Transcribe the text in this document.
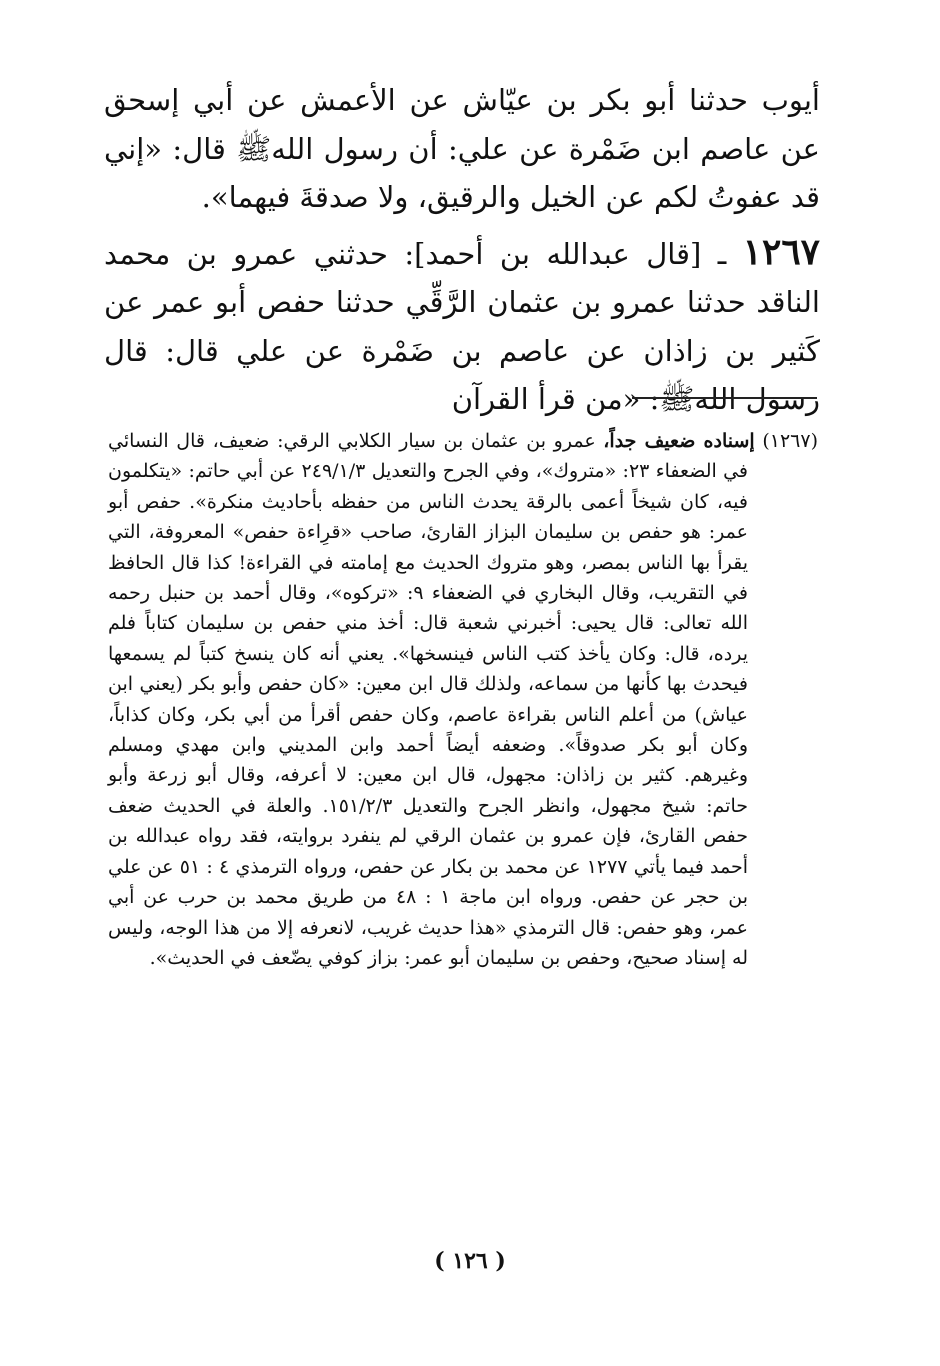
أيوب حدثنا أبو بكر بن عيّاش عن الأعمش عن أبي إسحق عن عاصم ابن ضَمْرة عن علي: أن رسول اللهﷺ قال: «إني قد عفوتُ لكم عن الخيل والرقيق، ولا صدقةَ فيهما».

١٢٦٧ ـ [قال عبدالله بن أحمد]: حدثني عمرو بن محمد الناقد حدثنا عمرو بن عثمان الرَّقِّي حدثنا حفص أبو عمر عن كَثير بن زاذان عن عاصم بن ضَمْرة عن علي قال: قال رسول اللهﷺ: «من قرأ القرآن

(١٢٦٧) إسناده ضعيف جداً، عمرو بن عثمان بن سيار الكلابي الرقي: ضعيف، قال النسائي في الضعفاء ٢٣: «متروك»، وفي الجرح والتعديل ٢٤٩/١/٣ عن أبي حاتم: «يتكلمون فيه، كان شيخاً أعمى بالرقة يحدث الناس من حفظه بأحاديث منكرة». حفص أبو عمر: هو حفص بن سليمان البزاز القارئ، صاحب «قرِاءة حفص» المعروفة، التي يقرأ بها الناس بمصر، وهو متروك الحديث مع إمامته في القراءة! كذا قال الحافظ في التقريب، وقال البخاري في الضعفاء ٩: «تركوه»، وقال أحمد بن حنبل رحمه الله تعالى: قال يحيى: أخبرني شعبة قال: أخذ مني حفص بن سليمان كتاباً فلم يرده، قال: وكان يأخذ كتب الناس فينسخها». يعني أنه كان ينسخ كتباً لم يسمعها فيحدث بها كأنها من سماعه، ولذلك قال ابن معين: «كان حفص وأبو بكر (يعني ابن عياش) من أعلم الناس بقراءة عاصم، وكان حفص أقرأ من أبي بكر، وكان كذاباً، وكان أبو بكر صدوقاً». وضعفه أيضاً أحمد وابن المديني وابن مهدي ومسلم وغيرهم. كثير بن زاذان: مجهول، قال ابن معين: لا أعرفه، وقال أبو زرعة وأبو حاتم: شيخ مجهول، وانظر الجرح والتعديل ١٥١/٢/٣. والعلة في الحديث ضعف حفص القارئ، فإن عمرو بن عثمان الرقي لم ينفرد بروايته، فقد رواه عبدالله بن أحمد فيما يأتي ١٢٧٧ عن محمد بن بكار عن حفص، ورواه الترمذي ٤ : ٥١ عن علي بن حجر عن حفص. ورواه ابن ماجة ١ : ٤٨ من طريق محمد بن حرب عن أبي عمر، وهو حفص: قال الترمذي «هذا حديث غريب، لانعرفه إلا من هذا الوجه، وليس له إسناد صحيح، وحفص بن سليمان أبو عمر: بزاز كوفي يضّعف في الحديث».

( ١٢٦ )
